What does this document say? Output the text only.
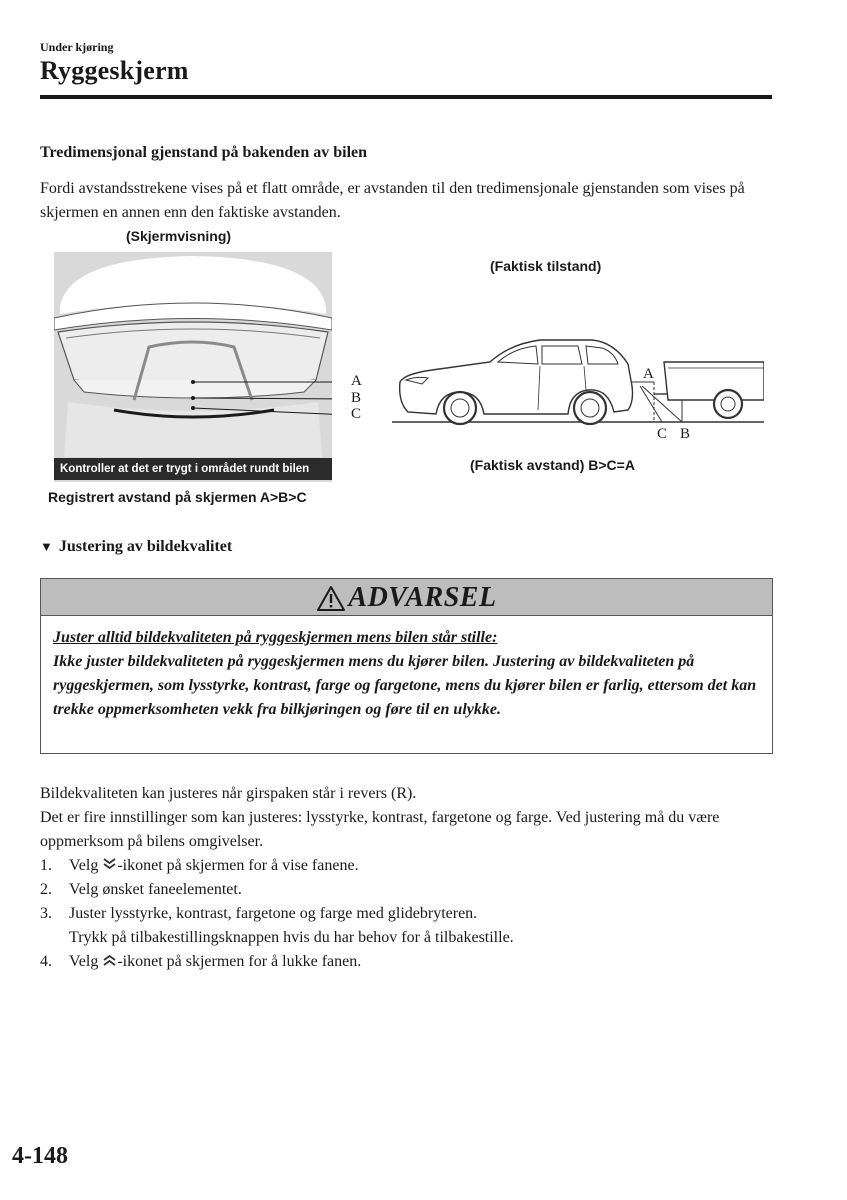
Under kjøring
Ryggeskjerm
Tredimensjonal gjenstand på bakenden av bilen
Fordi avstandsstrekene vises på et flatt område, er avstanden til den tredimensjonale gjenstanden som vises på skjermen en annen enn den faktiske avstanden.
(Skjermvisning)
A
B
C
Kontroller at det er trygt i området rundt bilen
Registrert avstand på skjermen A>B>C
(Faktisk tilstand)
A
C B
(Faktisk avstand) B>C=A
▼ Justering av bildekvalitet
ADVARSEL
Juster alltid bildekvaliteten på ryggeskjermen mens bilen står stille:
Ikke juster bildekvaliteten på ryggeskjermen mens du kjører bilen. Justering av bildekvaliteten på ryggeskjermen, som lysstyrke, kontrast, farge og fargetone, mens du kjører bilen er farlig, ettersom det kan trekke oppmerksomheten vekk fra bilkjøringen og føre til en ulykke.
Bildekvaliteten kan justeres når girspaken står i revers (R).
Det er fire innstillinger som kan justeres: lysstyrke, kontrast, fargetone og farge. Ved justering må du være oppmerksom på bilens omgivelser.
1. Velg -ikonet på skjermen for å vise fanene.
2. Velg ønsket faneelementet.
3. Juster lysstyrke, kontrast, fargetone og farge med glidebryteren.
Trykk på tilbakestillingsknappen hvis du har behov for å tilbakestille.
4. Velg -ikonet på skjermen for å lukke fanen.
4-148
